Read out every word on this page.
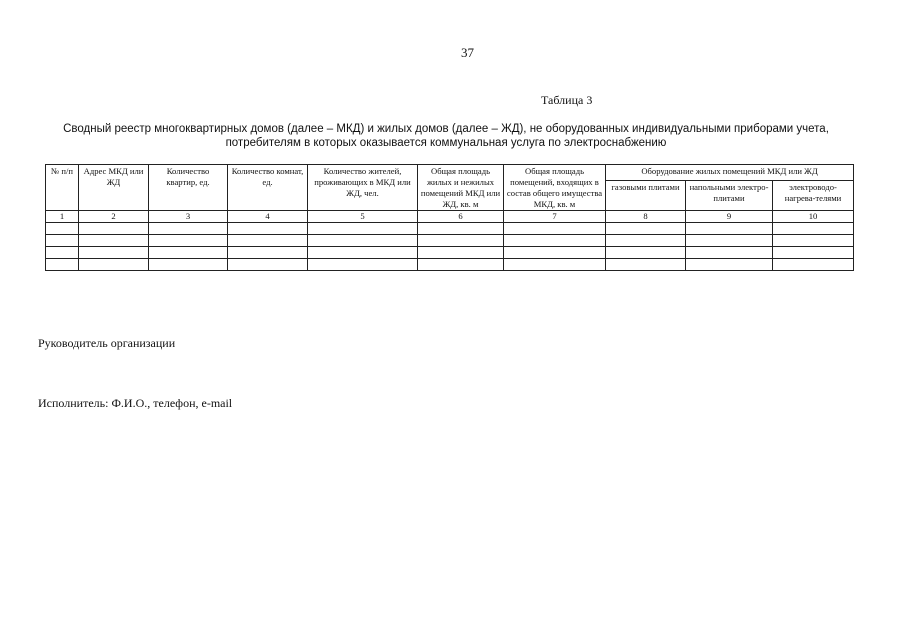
37
Таблица 3
Сводный реестр многоквартирных домов (далее – МКД) и жилых домов (далее – ЖД), не оборудованных индивидуальными приборами учета,
потребителям в которых оказывается коммунальная услуга по электроснабжению
№ п/п	Адрес МКД или ЖД	Количество квартир, ед.	Количество комнат, ед.	Количество жителей, проживающих в МКД или ЖД, чел.	Общая площадь жилых и нежилых помещений МКД или ЖД, кв. м	Общая площадь помещений, входящих в состав общего имущества МКД, кв. м	Оборудование жилых помещений МКД или ЖД		
							газовыми плитами	напольными электро-плитами	электроводо-нагрева-телями
1	2	3	4	5	6	7	8	9	10

Руководитель организации
Исполнитель: Ф.И.О., телефон, e-mail
